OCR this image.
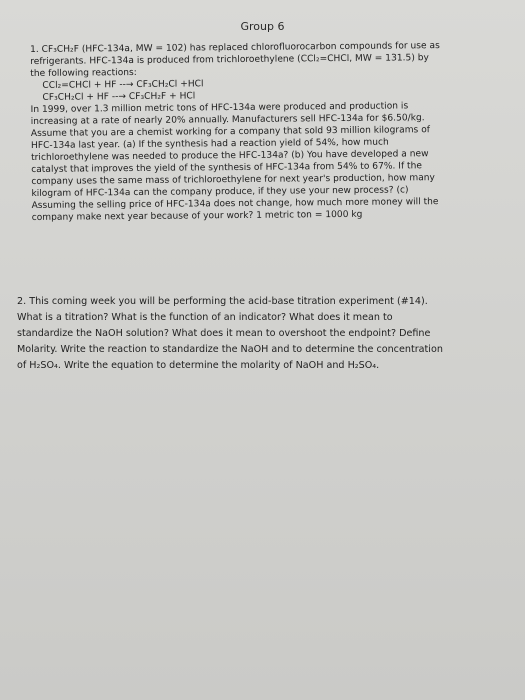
Group 6
1. CF₃CH₂F (HFC-134a, MW = 102) has replaced chlorofluorocarbon compounds for use as
refrigerants. HFC-134a is produced from trichloroethylene (CCl₂=CHCl, MW = 131.5) by
the following reactions:
CCl₂=CHCl + HF --→ CF₃CH₂Cl +HCl
CF₃CH₂Cl + HF --→ CF₃CH₂F + HCl
In 1999, over 1.3 million metric tons of HFC-134a were produced and production is
increasing at a rate of nearly 20% annually. Manufacturers sell HFC-134a for $6.50/kg.
Assume that you are a chemist working for a company that sold 93 million kilograms of
HFC-134a last year. (a) If the synthesis had a reaction yield of 54%, how much
trichloroethylene was needed to produce the HFC-134a? (b) You have developed a new
catalyst that improves the yield of the synthesis of HFC-134a from 54% to 67%. If the
company uses the same mass of trichloroethylene for next year's production, how many
kilogram of HFC-134a can the company produce, if they use your new process? (c)
Assuming the selling price of HFC-134a does not change, how much more money will the
company make next year because of your work? 1 metric ton = 1000 kg
2. This coming week you will be performing the acid-base titration experiment (#14).
What is a titration? What is the function of an indicator? What does it mean to
standardize the NaOH solution? What does it mean to overshoot the endpoint? Define
Molarity. Write the reaction to standardize the NaOH and to determine the concentration
of H₂SO₄. Write the equation to determine the molarity of NaOH and H₂SO₄.
